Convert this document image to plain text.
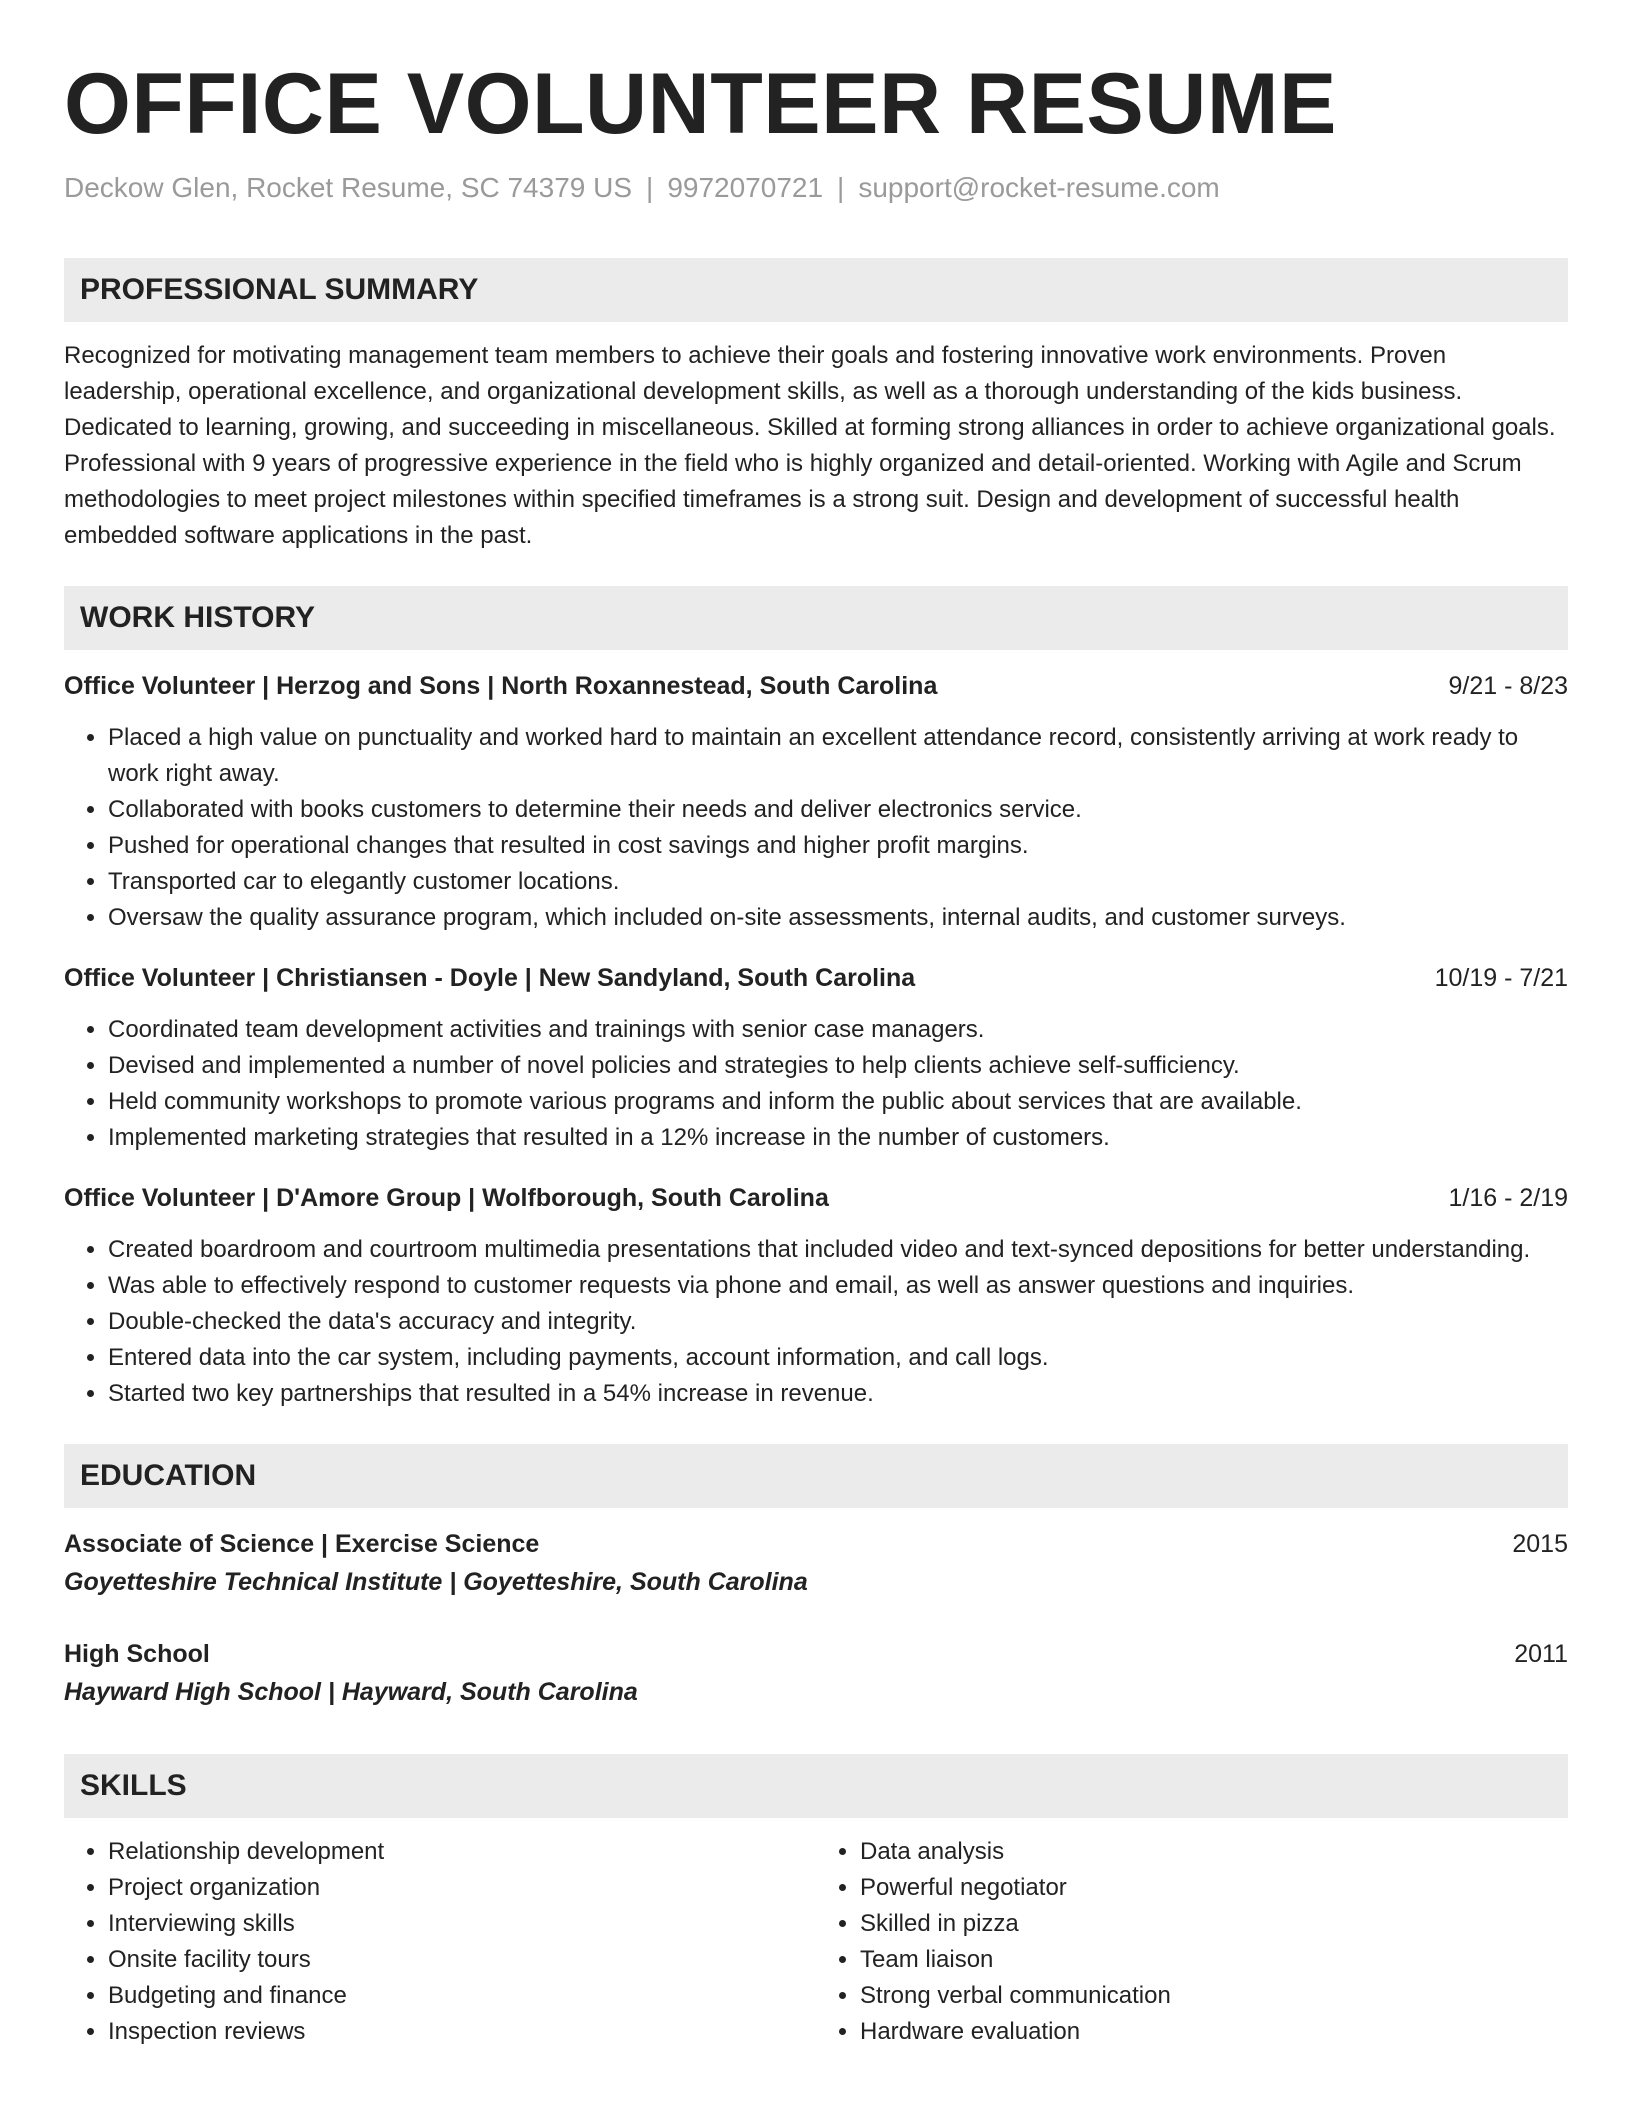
OFFICE VOLUNTEER RESUME
Deckow Glen, Rocket Resume, SC 74379 US | 9972070721 | support@rocket-resume.com
PROFESSIONAL SUMMARY
Recognized for motivating management team members to achieve their goals and fostering innovative work environments. Proven leadership, operational excellence, and organizational development skills, as well as a thorough understanding of the kids business. Dedicated to learning, growing, and succeeding in miscellaneous. Skilled at forming strong alliances in order to achieve organizational goals. Professional with 9 years of progressive experience in the field who is highly organized and detail-oriented. Working with Agile and Scrum methodologies to meet project milestones within specified timeframes is a strong suit. Design and development of successful health embedded software applications in the past.
WORK HISTORY
Office Volunteer | Herzog and Sons | North Roxannestead, South Carolina	9/21 - 8/23
• Placed a high value on punctuality and worked hard to maintain an excellent attendance record, consistently arriving at work ready to work right away.
• Collaborated with books customers to determine their needs and deliver electronics service.
• Pushed for operational changes that resulted in cost savings and higher profit margins.
• Transported car to elegantly customer locations.
• Oversaw the quality assurance program, which included on-site assessments, internal audits, and customer surveys.
Office Volunteer | Christiansen - Doyle | New Sandyland, South Carolina	10/19 - 7/21
• Coordinated team development activities and trainings with senior case managers.
• Devised and implemented a number of novel policies and strategies to help clients achieve self-sufficiency.
• Held community workshops to promote various programs and inform the public about services that are available.
• Implemented marketing strategies that resulted in a 12% increase in the number of customers.
Office Volunteer | D'Amore Group | Wolfborough, South Carolina	1/16 - 2/19
• Created boardroom and courtroom multimedia presentations that included video and text-synced depositions for better understanding.
• Was able to effectively respond to customer requests via phone and email, as well as answer questions and inquiries.
• Double-checked the data's accuracy and integrity.
• Entered data into the car system, including payments, account information, and call logs.
• Started two key partnerships that resulted in a 54% increase in revenue.
EDUCATION
Associate of Science | Exercise Science	2015
Goyetteshire Technical Institute | Goyetteshire, South Carolina
High School	2011
Hayward High School | Hayward, South Carolina
SKILLS
• Relationship development
• Project organization
• Interviewing skills
• Onsite facility tours
• Budgeting and finance
• Inspection reviews
• Data analysis
• Powerful negotiator
• Skilled in pizza
• Team liaison
• Strong verbal communication
• Hardware evaluation
